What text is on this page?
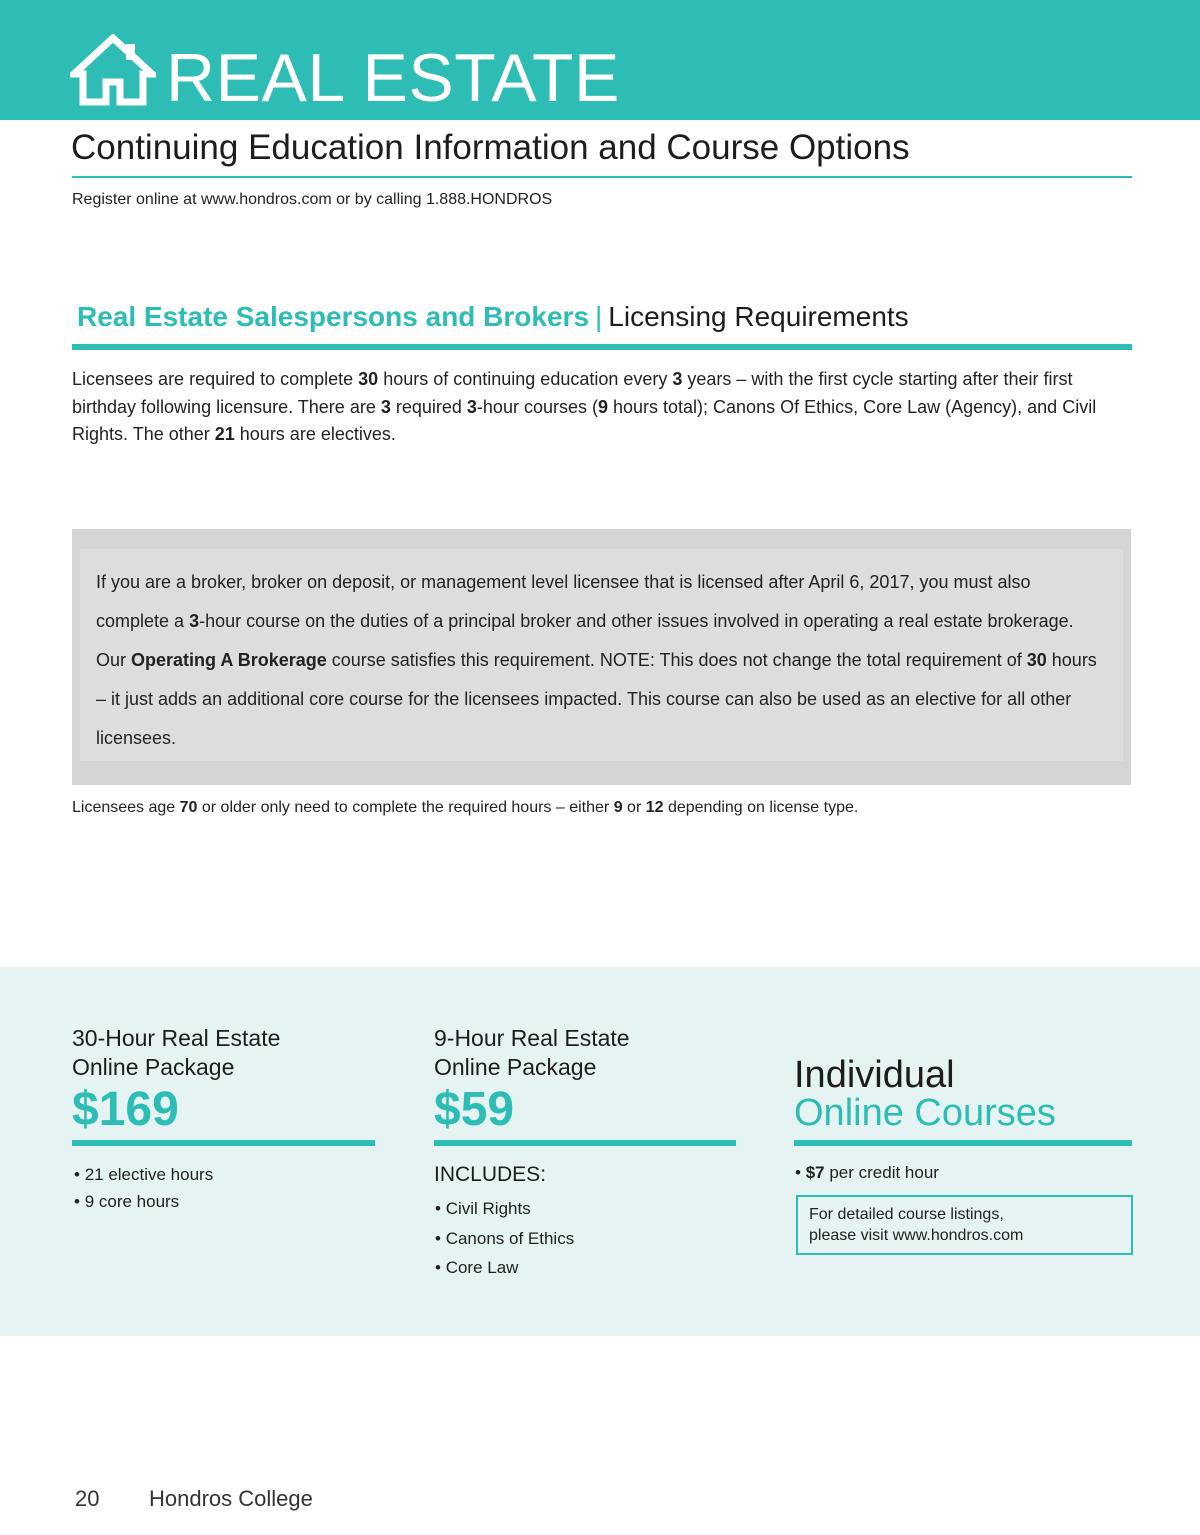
REAL ESTATE
Continuing Education Information and Course Options
Register online at www.hondros.com or by calling 1.888.HONDROS
Real Estate Salespersons and Brokers | Licensing Requirements
Licensees are required to complete 30 hours of continuing education every 3 years – with the first cycle starting after their first birthday following licensure. There are 3 required 3-hour courses (9 hours total); Canons Of Ethics, Core Law (Agency), and Civil Rights. The other 21 hours are electives.
If you are a broker, broker on deposit, or management level licensee that is licensed after April 6, 2017, you must also complete a 3-hour course on the duties of a principal broker and other issues involved in operating a real estate brokerage. Our Operating A Brokerage course satisfies this requirement. NOTE: This does not change the total requirement of 30 hours – it just adds an additional core course for the licensees impacted. This course can also be used as an elective for all other licensees.
Licensees age 70 or older only need to complete the required hours – either 9 or 12 depending on license type.
30-Hour Real Estate
Online Package
$169
• 21 elective hours
• 9 core hours
9-Hour Real Estate
Online Package
$59
INCLUDES:
• Civil Rights
• Canons of Ethics
• Core Law
Individual
Online Courses
• $7 per credit hour
For detailed course listings,
please visit www.hondros.com
20 Hondros College
